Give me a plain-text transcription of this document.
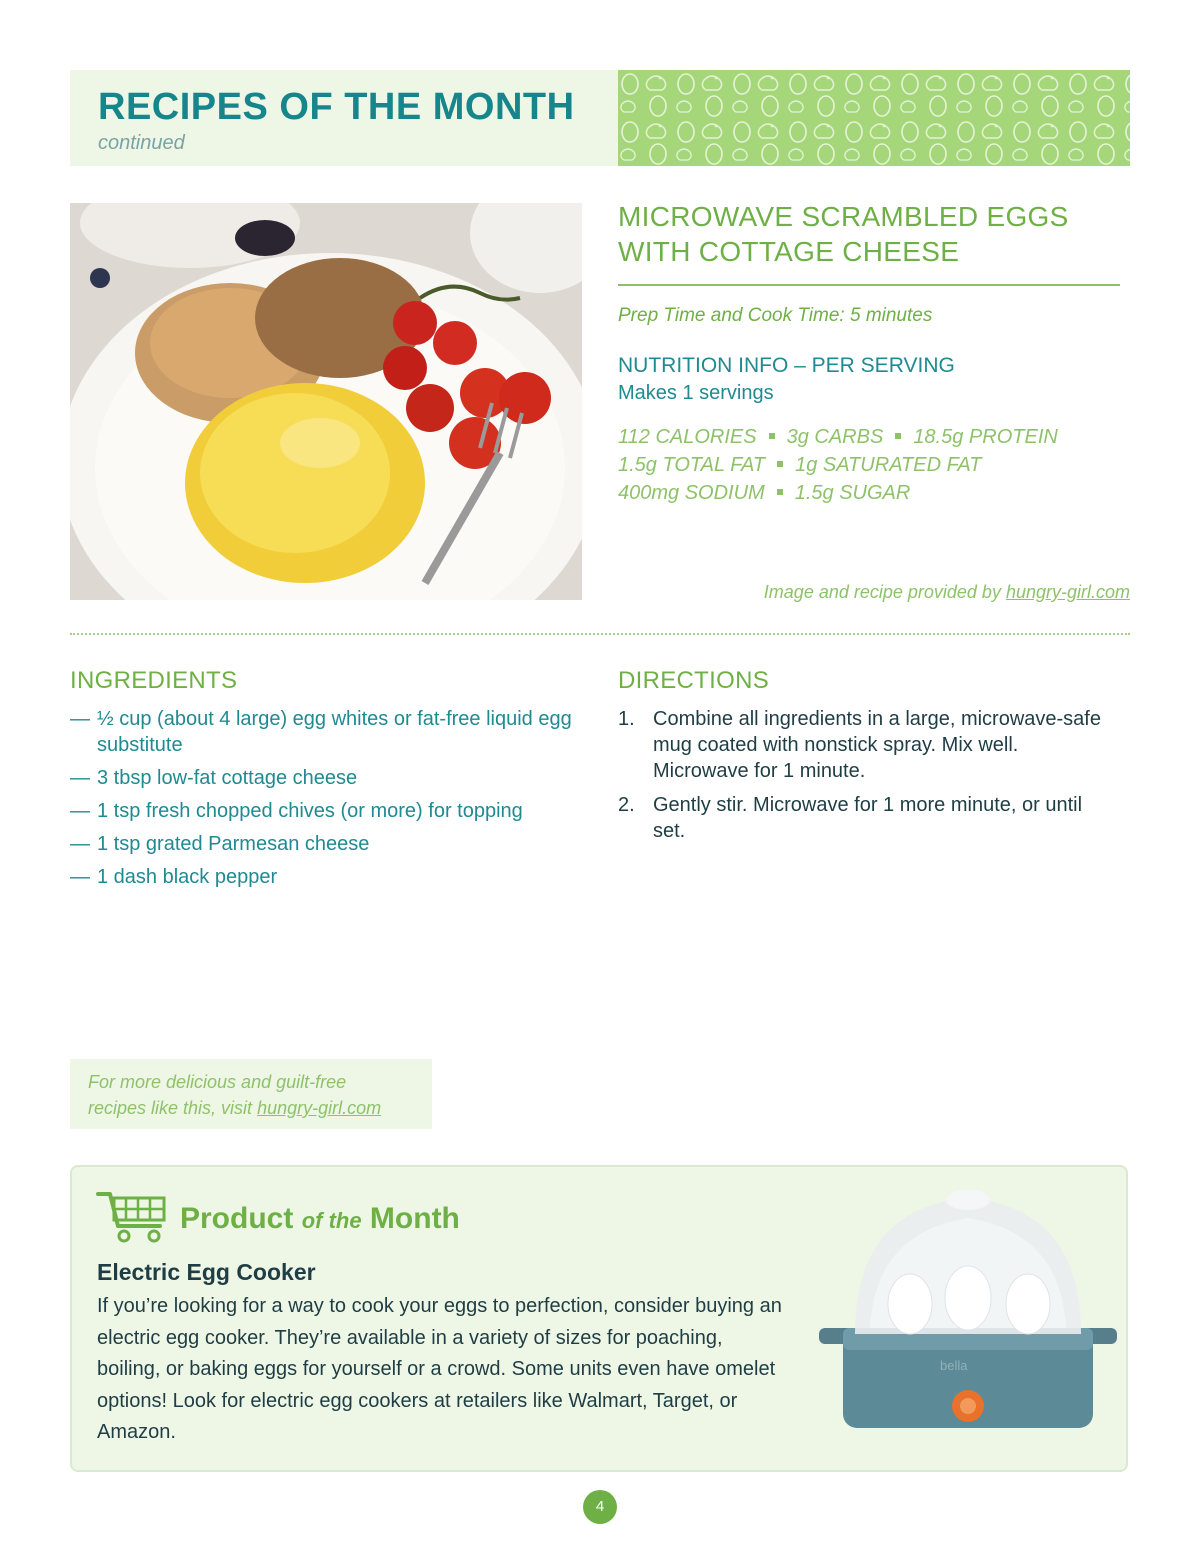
RECIPES OF THE MONTH
continued
MICROWAVE SCRAMBLED EGGS
WITH COTTAGE CHEESE
Prep Time and Cook Time: 5 minutes
NUTRITION INFO – PER SERVING
Makes 1 servings
112 CALORIES 3g CARBS 18.5g PROTEIN
1.5g TOTAL FAT 1g SATURATED FAT
400mg SODIUM 1.5g SUGAR
Image and recipe provided by hungry-girl.com
INGREDIENTS
— ½ cup (about 4 large) egg whites or fat-free liquid egg substitute
— 3 tbsp low-fat cottage cheese
— 1 tsp fresh chopped chives (or more) for topping
— 1 tsp grated Parmesan cheese
— 1 dash black pepper
DIRECTIONS
1. Combine all ingredients in a large, microwave-safe mug coated with nonstick spray. Mix well. Microwave for 1 minute.
2. Gently stir. Microwave for 1 more minute, or until set.
For more delicious and guilt-free
recipes like this, visit hungry-girl.com
Product of the Month
Electric Egg Cooker
If you’re looking for a way to cook your eggs to perfection, consider buying an electric egg cooker. They’re available in a variety of sizes for poaching, boiling, or baking eggs for yourself or a crowd. Some units even have omelet options! Look for electric egg cookers at retailers like Walmart, Target, or Amazon.
bella
4
